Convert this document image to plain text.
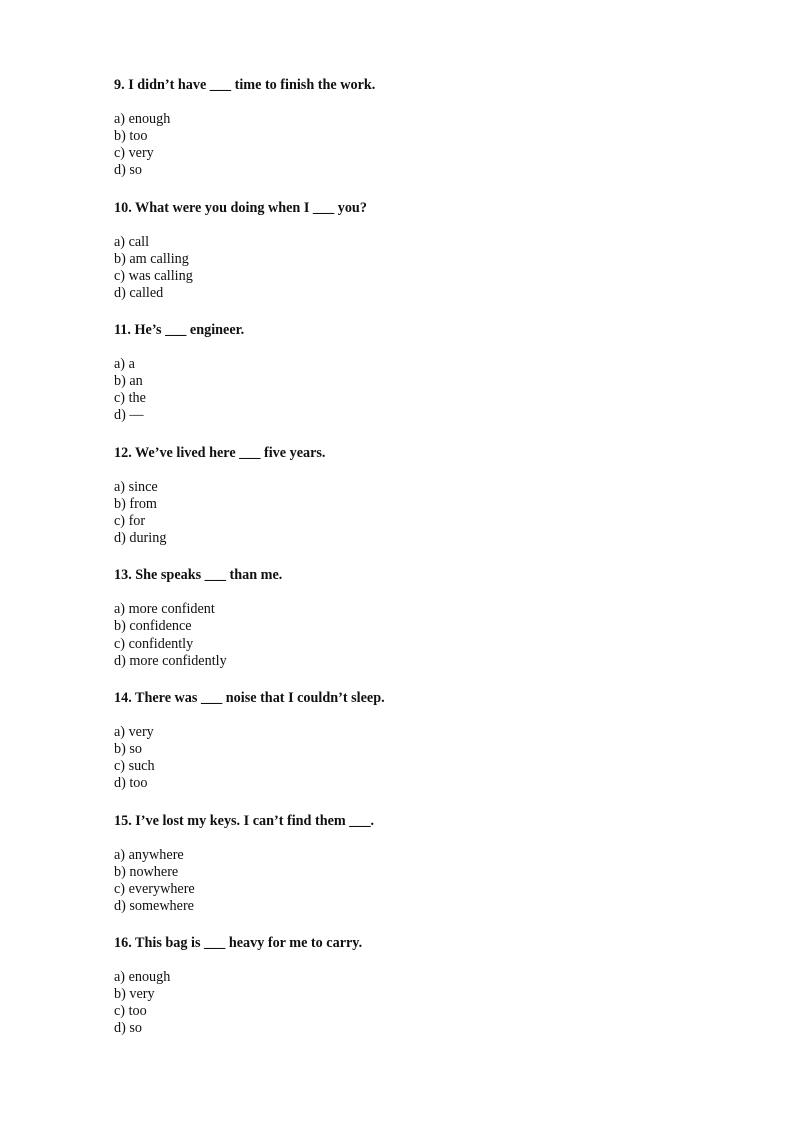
9. I didn’t have ___ time to finish the work.

a) enough
b) too
c) very
d) so

10. What were you doing when I ___ you?

a) call
b) am calling
c) was calling
d) called

11. He’s ___ engineer.

a) a
b) an
c) the
d) —

12. We’ve lived here ___ five years.

a) since
b) from
c) for
d) during

13. She speaks ___ than me.

a) more confident
b) confidence
c) confidently
d) more confidently

14. There was ___ noise that I couldn’t sleep.

a) very
b) so
c) such
d) too

15. I’ve lost my keys. I can’t find them ___.

a) anywhere
b) nowhere
c) everywhere
d) somewhere

16. This bag is ___ heavy for me to carry.

a) enough
b) very
c) too
d) so
